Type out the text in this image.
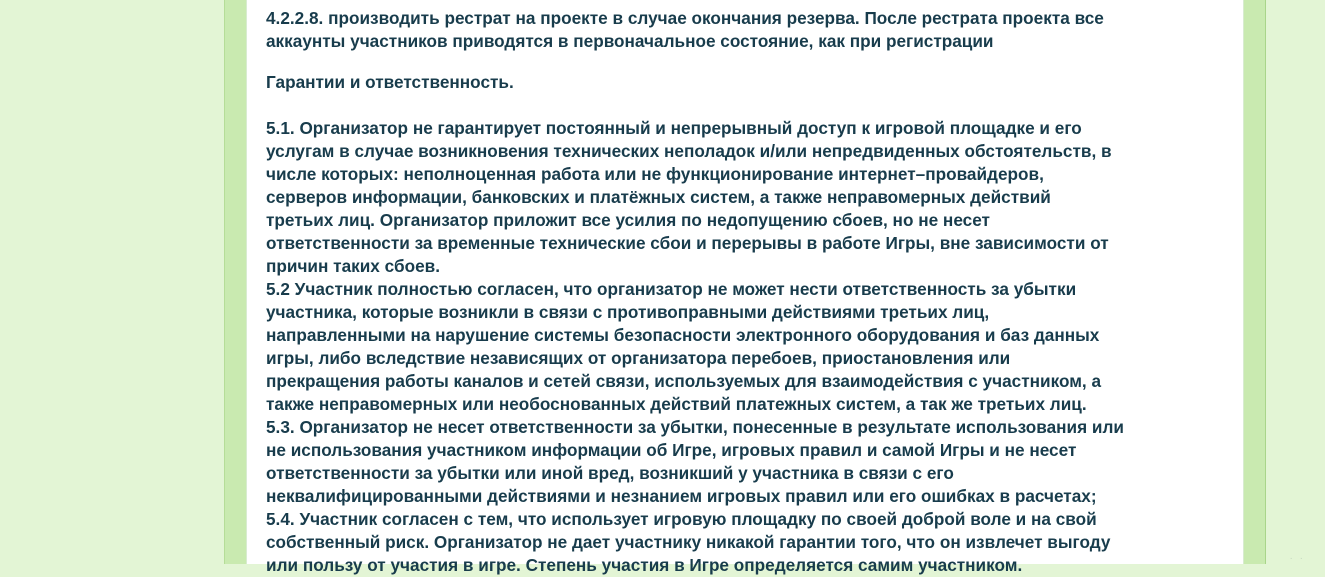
4.2.2.8. производить рестрат на проекте в случае окончания резерва. После рестрата проекта все
аккаунты участников приводятся в первоначальное состояние, как при регистрации
Гарантии и ответственность.
5.1. Организатор не гарантирует постоянный и непрерывный доступ к игровой площадке и его
услугам в случае возникновения технических неполадок и/или непредвиденных обстоятельств, в
числе которых: неполноценная работа или не функционирование интернет–провайдеров,
серверов информации, банковских и платёжных систем, а также неправомерных действий
третьих лиц. Организатор приложит все усилия по недопущению сбоев, но не несет
ответственности за временные технические сбои и перерывы в работе Игры, вне зависимости от
причин таких сбоев.
5.2 Участник полностью согласен, что организатор не может нести ответственность за убытки
участника, которые возникли в связи с противоправными действиями третьих лиц,
направленными на нарушение системы безопасности электронного оборудования и баз данных
игры, либо вследствие независящих от организатора перебоев, приостановления или
прекращения работы каналов и сетей связи, используемых для взаимодействия с участником, а
также неправомерных или необоснованных действий платежных систем, а так же третьих лиц.
5.3. Организатор не несет ответственности за убытки, понесенные в результате использования или
не использования участником информации об Игре, игровых правил и самой Игры и не несет
ответственности за убытки или иной вред, возникший у участника в связи с его
неквалифицированными действиями и незнанием игровых правил или его ошибках в расчетах;
5.4. Участник согласен с тем, что использует игровую площадку по своей доброй воле и на свой
собственный риск. Организатор не дает участнику никакой гарантии того, что он извлечет выгоду
или пользу от участия в игре. Степень участия в Игре определяется самим участником.	· ·
